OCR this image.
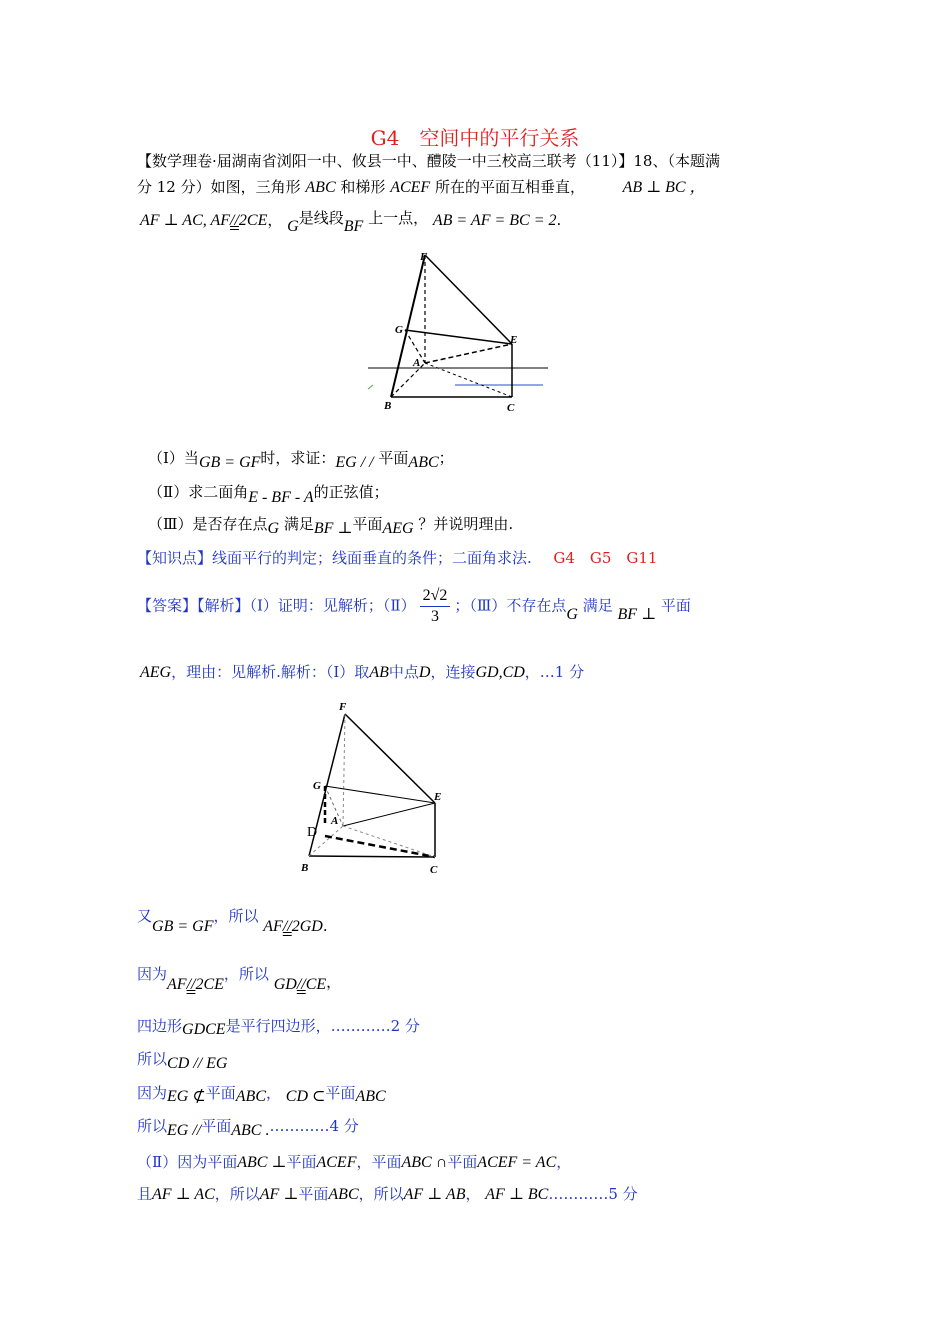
G4　空间中的平行关系
【数学理卷·届湖南省浏阳一中、攸县一中、醴陵一中三校高三联考（11）】18、（本题满
分 12 分）如图，三角形 ABC 和梯形 ACEF 所在的平面互相垂直， AB ⊥ BC ，
AF ⊥ AC, AF//2CE， G是线段BF 上一点， AB = AF = BC = 2.
F
G
E
A
B	C
（Ⅰ）当GB = GF时，求证：EG / / 平面ABC；
（Ⅱ）求二面角E - BF - A的正弦值；
（Ⅲ）是否存在点G 满足BF ⊥平面AEG ？并说明理由.
【知识点】线面平行的判定；线面垂直的条件；二面角求法. G4　G5　G11
【答案】【解析】（Ⅰ）证明：见解析；（Ⅱ） $\frac{2√2}{3}$ ；（Ⅲ）不存在点G 满足 BF ⊥ 平面
AEG，理由：见解析.解析：（Ⅰ）取AB中点D，连接GD,CD，…1 分
F
G
E
A
D
B	C
又GB = GF，所以 AF//2GD.
因为AF//2CE，所以 GD//CE，
四边形GDCE是平行四边形，…………2 分
所以CD // EG
因为EG ⊄平面ABC， CD ⊂平面ABC
所以EG //平面ABC .…………4 分
（Ⅱ）因为平面ABC ⊥平面ACEF，平面ABC ∩平面ACEF = AC，
且AF ⊥ AC，所以AF ⊥平面ABC，所以AF ⊥ AB， AF ⊥ BC…………5 分
